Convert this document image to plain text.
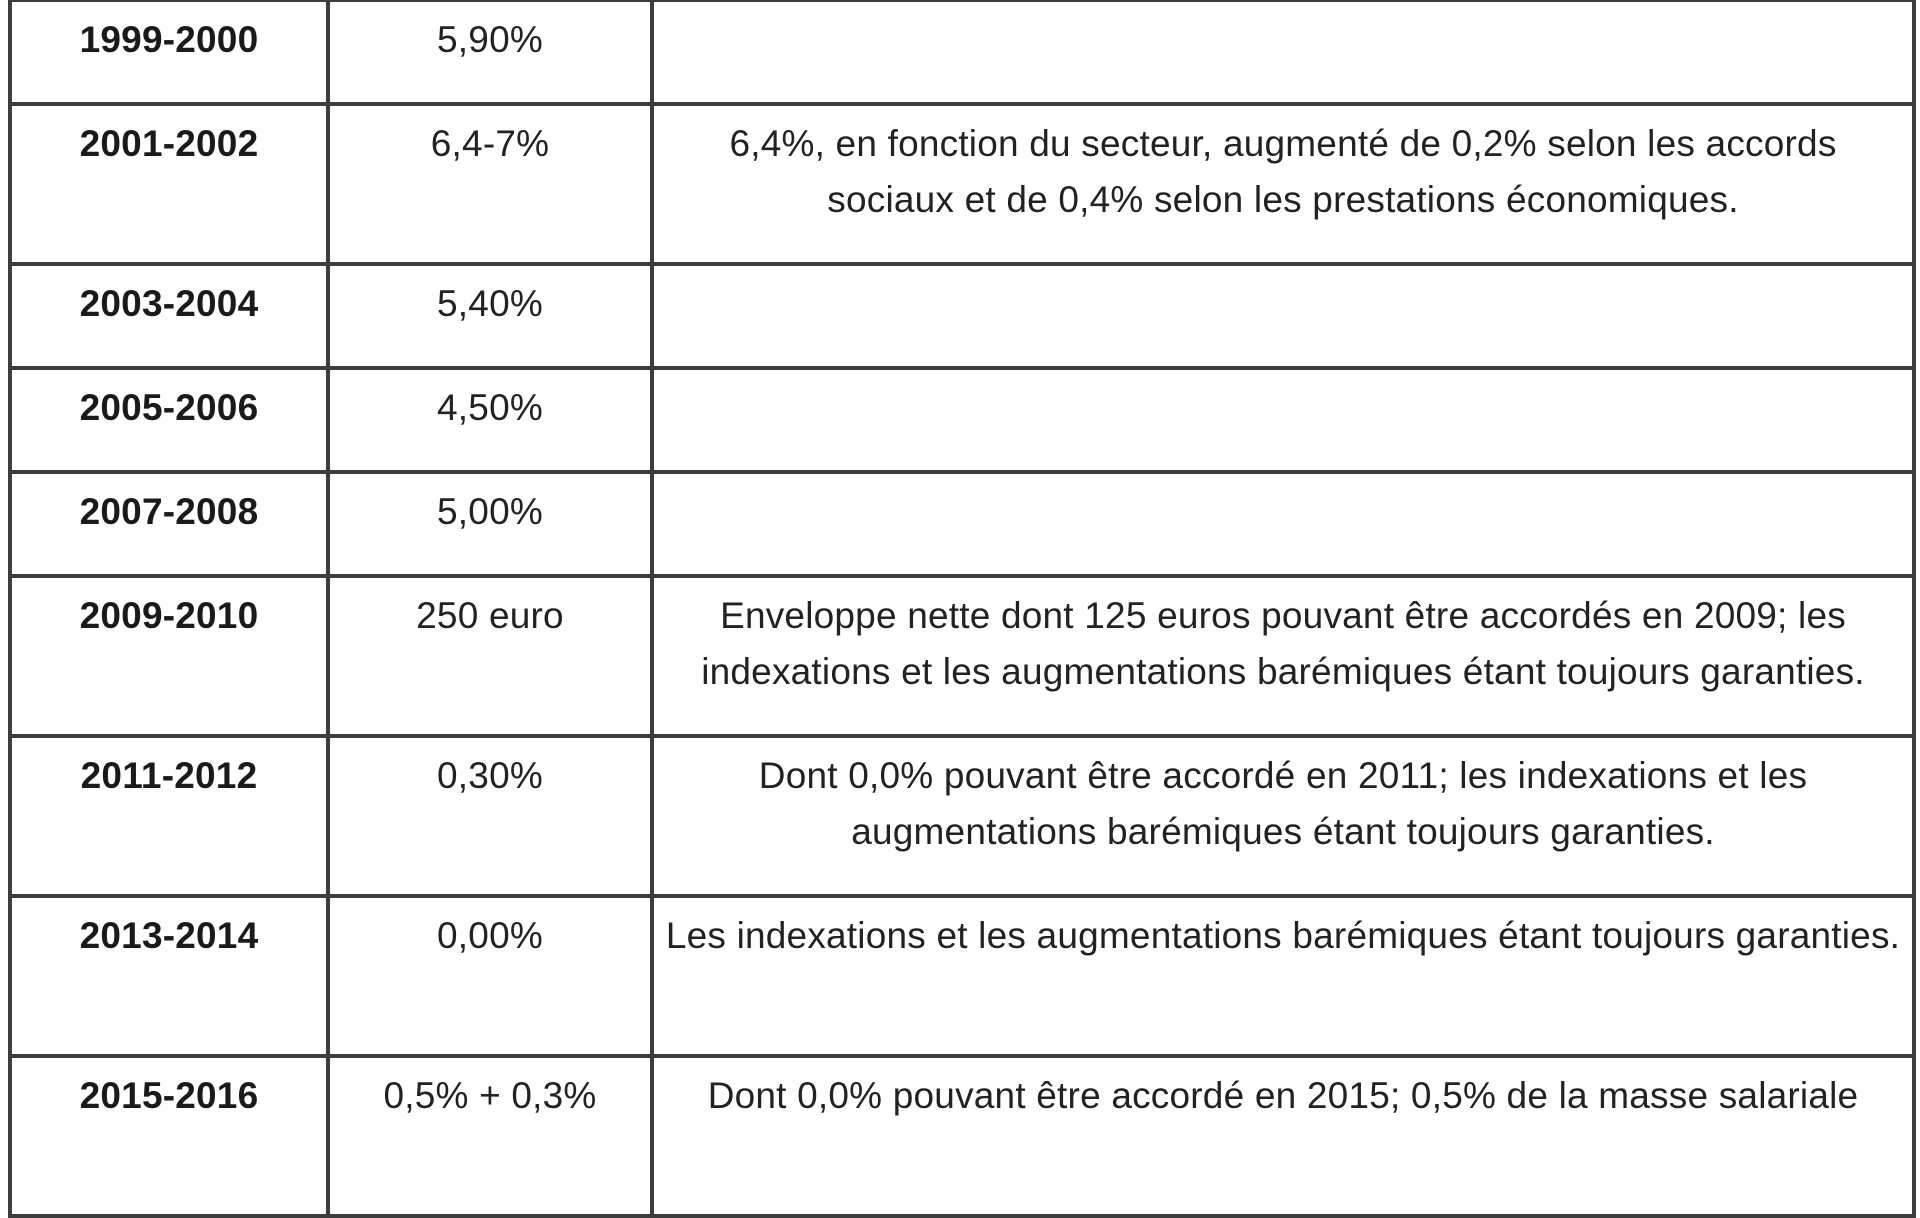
1999-2000	5,90%	
2001-2002	6,4-7%	6,4%, en fonction du secteur, augmenté de 0,2% selon les accords sociaux et de 0,4% selon les prestations économiques.
2003-2004	5,40%	
2005-2006	4,50%	
2007-2008	5,00%	
2009-2010	250 euro	Enveloppe nette dont 125 euros pouvant être accordés en 2009; les indexations et les augmentations barémiques étant toujours garanties.
2011-2012	0,30%	Dont 0,0% pouvant être accordé en 2011; les indexations et les augmentations barémiques étant toujours garanties.
2013-2014	0,00%	Les indexations et les augmentations barémiques étant toujours garanties.
2015-2016	0,5% + 0,3%	Dont 0,0% pouvant être accordé en 2015; 0,5% de la masse salariale
